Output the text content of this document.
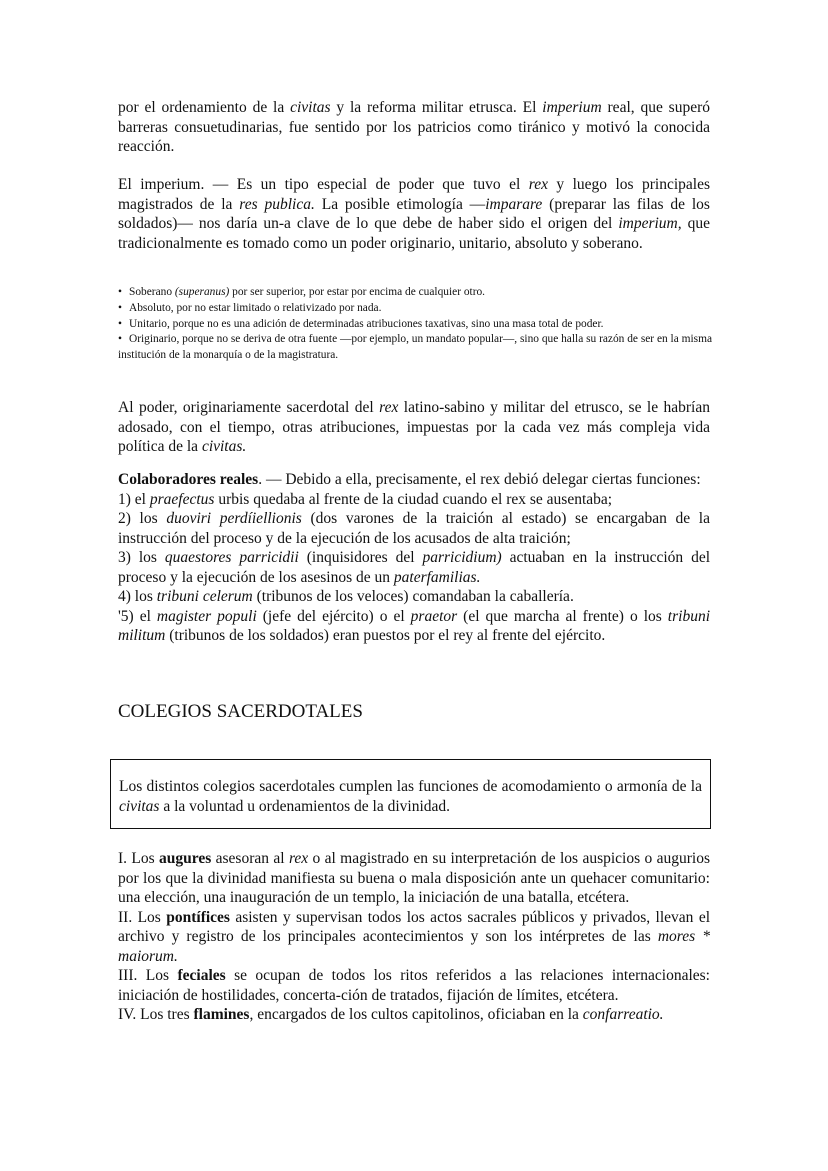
por el ordenamiento de la civitas y la reforma militar etrusca. El imperium real, que superó barreras consuetudinarias, fue sentido por los patricios como tiránico y motivó la conocida reacción.

El imperium. — Es un tipo especial de poder que tuvo el rex y luego los principales magistrados de la res publica. La posible etimología —imparare (preparar las filas de los soldados)— nos daría un-a clave de lo que debe de haber sido el origen del imperium, que tradicionalmente es tomado como un poder originario, unitario, absoluto y soberano.

• Soberano (superanus) por ser superior, por estar por encima de cualquier otro.
• Absoluto, por no estar limitado o relativizado por nada.
• Unitario, porque no es una adición de determinadas atribuciones taxativas, sino una masa total de poder.
• Originario, porque no se deriva de otra fuente —por ejemplo, un mandato popular—, sino que halla su razón de ser en la misma institución de la monarquía o de la magistratura.

Al poder, originariamente sacerdotal del rex latino-sabino y militar del etrusco, se le habrían adosado, con el tiempo, otras atribuciones, impuestas por la cada vez más compleja vida política de la civitas.

Colaboradores reales. — Debido a ella, precisamente, el rex debió delegar ciertas funciones:

1) el praefectus urbis quedaba al frente de la ciudad cuando el rex se ausentaba;

2) los duoviri perdíiellionis (dos varones de la traición al estado) se encargaban de la instrucción del proceso y de la ejecución de los acusados de alta traición;

3) los quaestores parricidii (inquisidores del parricidium) actuaban en la instrucción del proceso y la ejecución de los asesinos de un paterfamilias.

4) los tribuni celerum (tribunos de los veloces) comandaban la caballería.

'5) el magister populi (jefe del ejército) o el praetor (el que marcha al frente) o los tribuni militum (tribunos de los soldados) eran puestos por el rey al frente del ejército.

COLEGIOS SACERDOTALES

Los distintos colegios sacerdotales cumplen las funciones de acomodamiento o armonía de la civitas a la voluntad u ordenamientos de la divinidad.

I. Los augures asesoran al rex o al magistrado en su interpretación de los auspicios o augurios por los que la divinidad manifiesta su buena o mala disposición ante un quehacer comunitario: una elección, una inauguración de un templo, la iniciación de una batalla, etcétera.

II. Los pontífices asisten y supervisan todos los actos sacrales públicos y privados, llevan el archivo y registro de los principales acontecimientos y son los intérpretes de las mores * maiorum.

III. Los feciales se ocupan de todos los ritos referidos a las relaciones internacionales: iniciación de hostilidades, concerta-ción de tratados, fijación de límites, etcétera.

IV. Los tres flamines, encargados de los cultos capitolinos, oficiaban en la confarreatio.
